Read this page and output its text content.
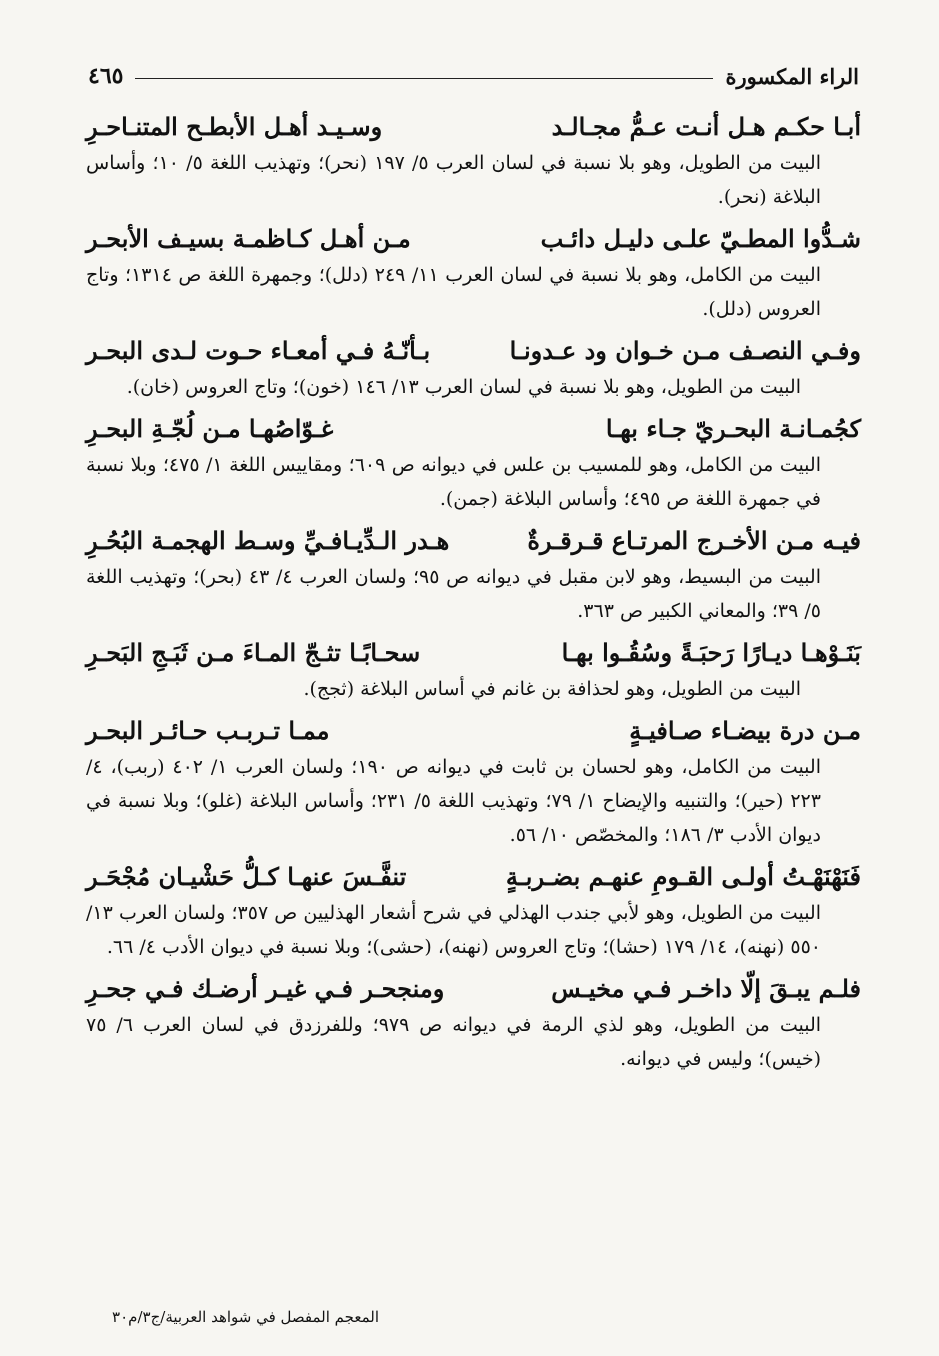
الراء المكسورة
٤٦٥
أبـا حكـم هـل أنـت عـمُّ مجـالـد
وسـيـد أهـل الأبطـح المتنـاحـرِ
البيت من الطويل، وهو بلا نسبة في لسان العرب ٥/ ١٩٧ (نحر)؛ وتهذيب اللغة ٥/ ١٠؛ وأساس البلاغة (نحر).
شـدُّوا المطـيّ علـى دليـل دائـب
مـن أهـل كـاظمـة بسيـف الأبحـر
البيت من الكامل، وهو بلا نسبة في لسان العرب ١١/ ٢٤٩ (دلل)؛ وجمهرة اللغة ص ١٣١٤؛ وتاج العروس (دلل).
وفـي النصـف مـن خـوان ود عـدونـا
بـأنّـهُ فـي أمعـاء حـوت لـدى البحـر
البيت من الطويل، وهو بلا نسبة في لسان العرب ١٣/ ١٤٦ (خون)؛ وتاج العروس (خان).
كجُمـانـة البحـريّ جـاء بهـا
غـوّاصُهـا مـن لُجّـةِ البحـرِ
البيت من الكامل، وهو للمسيب بن علس في ديوانه ص ٦٠٩؛ ومقاييس اللغة ١/ ٤٧٥؛ وبلا نسبة في جمهرة اللغة ص ٤٩٥؛ وأساس البلاغة (جمن).
فيـه مـن الأخـرج المرتـاع قـرقـرةٌ
هـدر الـدِّيـافـيِّ وسـط الهجمـة البُحُـرِ
البيت من البسيط، وهو لابن مقبل في ديوانه ص ٩٥؛ ولسان العرب ٤/ ٤٣ (بحر)؛ وتهذيب اللغة ٥/ ٣٩؛ والمعاني الكبير ص ٣٦٣.
بَنَـوْهـا ديـارًا رَحبَـةً وسُقُـوا بهـا
سحـابًـا تثـجّ المـاءَ مـن ثَبَـجِ البَحـرِ
البيت من الطويل، وهو لحذافة بن غانم في أساس البلاغة (ثجج).
مـن درة بيضـاء صـافيـةٍ
ممـا تـربـب حـائـر البحـر
البيت من الكامل، وهو لحسان بن ثابت في ديوانه ص ١٩٠؛ ولسان العرب ١/ ٤٠٢ (ربب)، ٤/ ٢٢٣ (حير)؛ والتنبيه والإيضاح ١/ ٧٩؛ وتهذيب اللغة ٥/ ٢٣١؛ وأساس البلاغة (غلو)؛ وبلا نسبة في ديوان الأدب ٣/ ١٨٦؛ والمخصّص ١٠/ ٥٦.
فَنَهْنَهْـتُ أولـى القـومِ عنهـم بضـربـةٍ
تنفَّـسَ عنهـا كـلُّ حَشْيـان مُجْحَـر
البيت من الطويل، وهو لأبي جندب الهذلي في شرح أشعار الهذليين ص ٣٥٧؛ ولسان العرب ١٣/ ٥٥٠ (نهنه)، ١٤/ ١٧٩ (حشا)؛ وتاج العروس (نهنه)، (حشى)؛ وبلا نسبة في ديوان الأدب ٤/ ٦٦.
فلـم يبـقَ إلّا داخـر فـي مخيـس
ومنجحـر فـي غيـر أرضـك فـي جحـرِ
البيت من الطويل، وهو لذي الرمة في ديوانه ص ٩٧٩؛ وللفرزدق في لسان العرب ٦/ ٧٥ (خيس)؛ وليس في ديوانه.
المعجم المفصل في شواهد العربية/ج٣/م٣٠
